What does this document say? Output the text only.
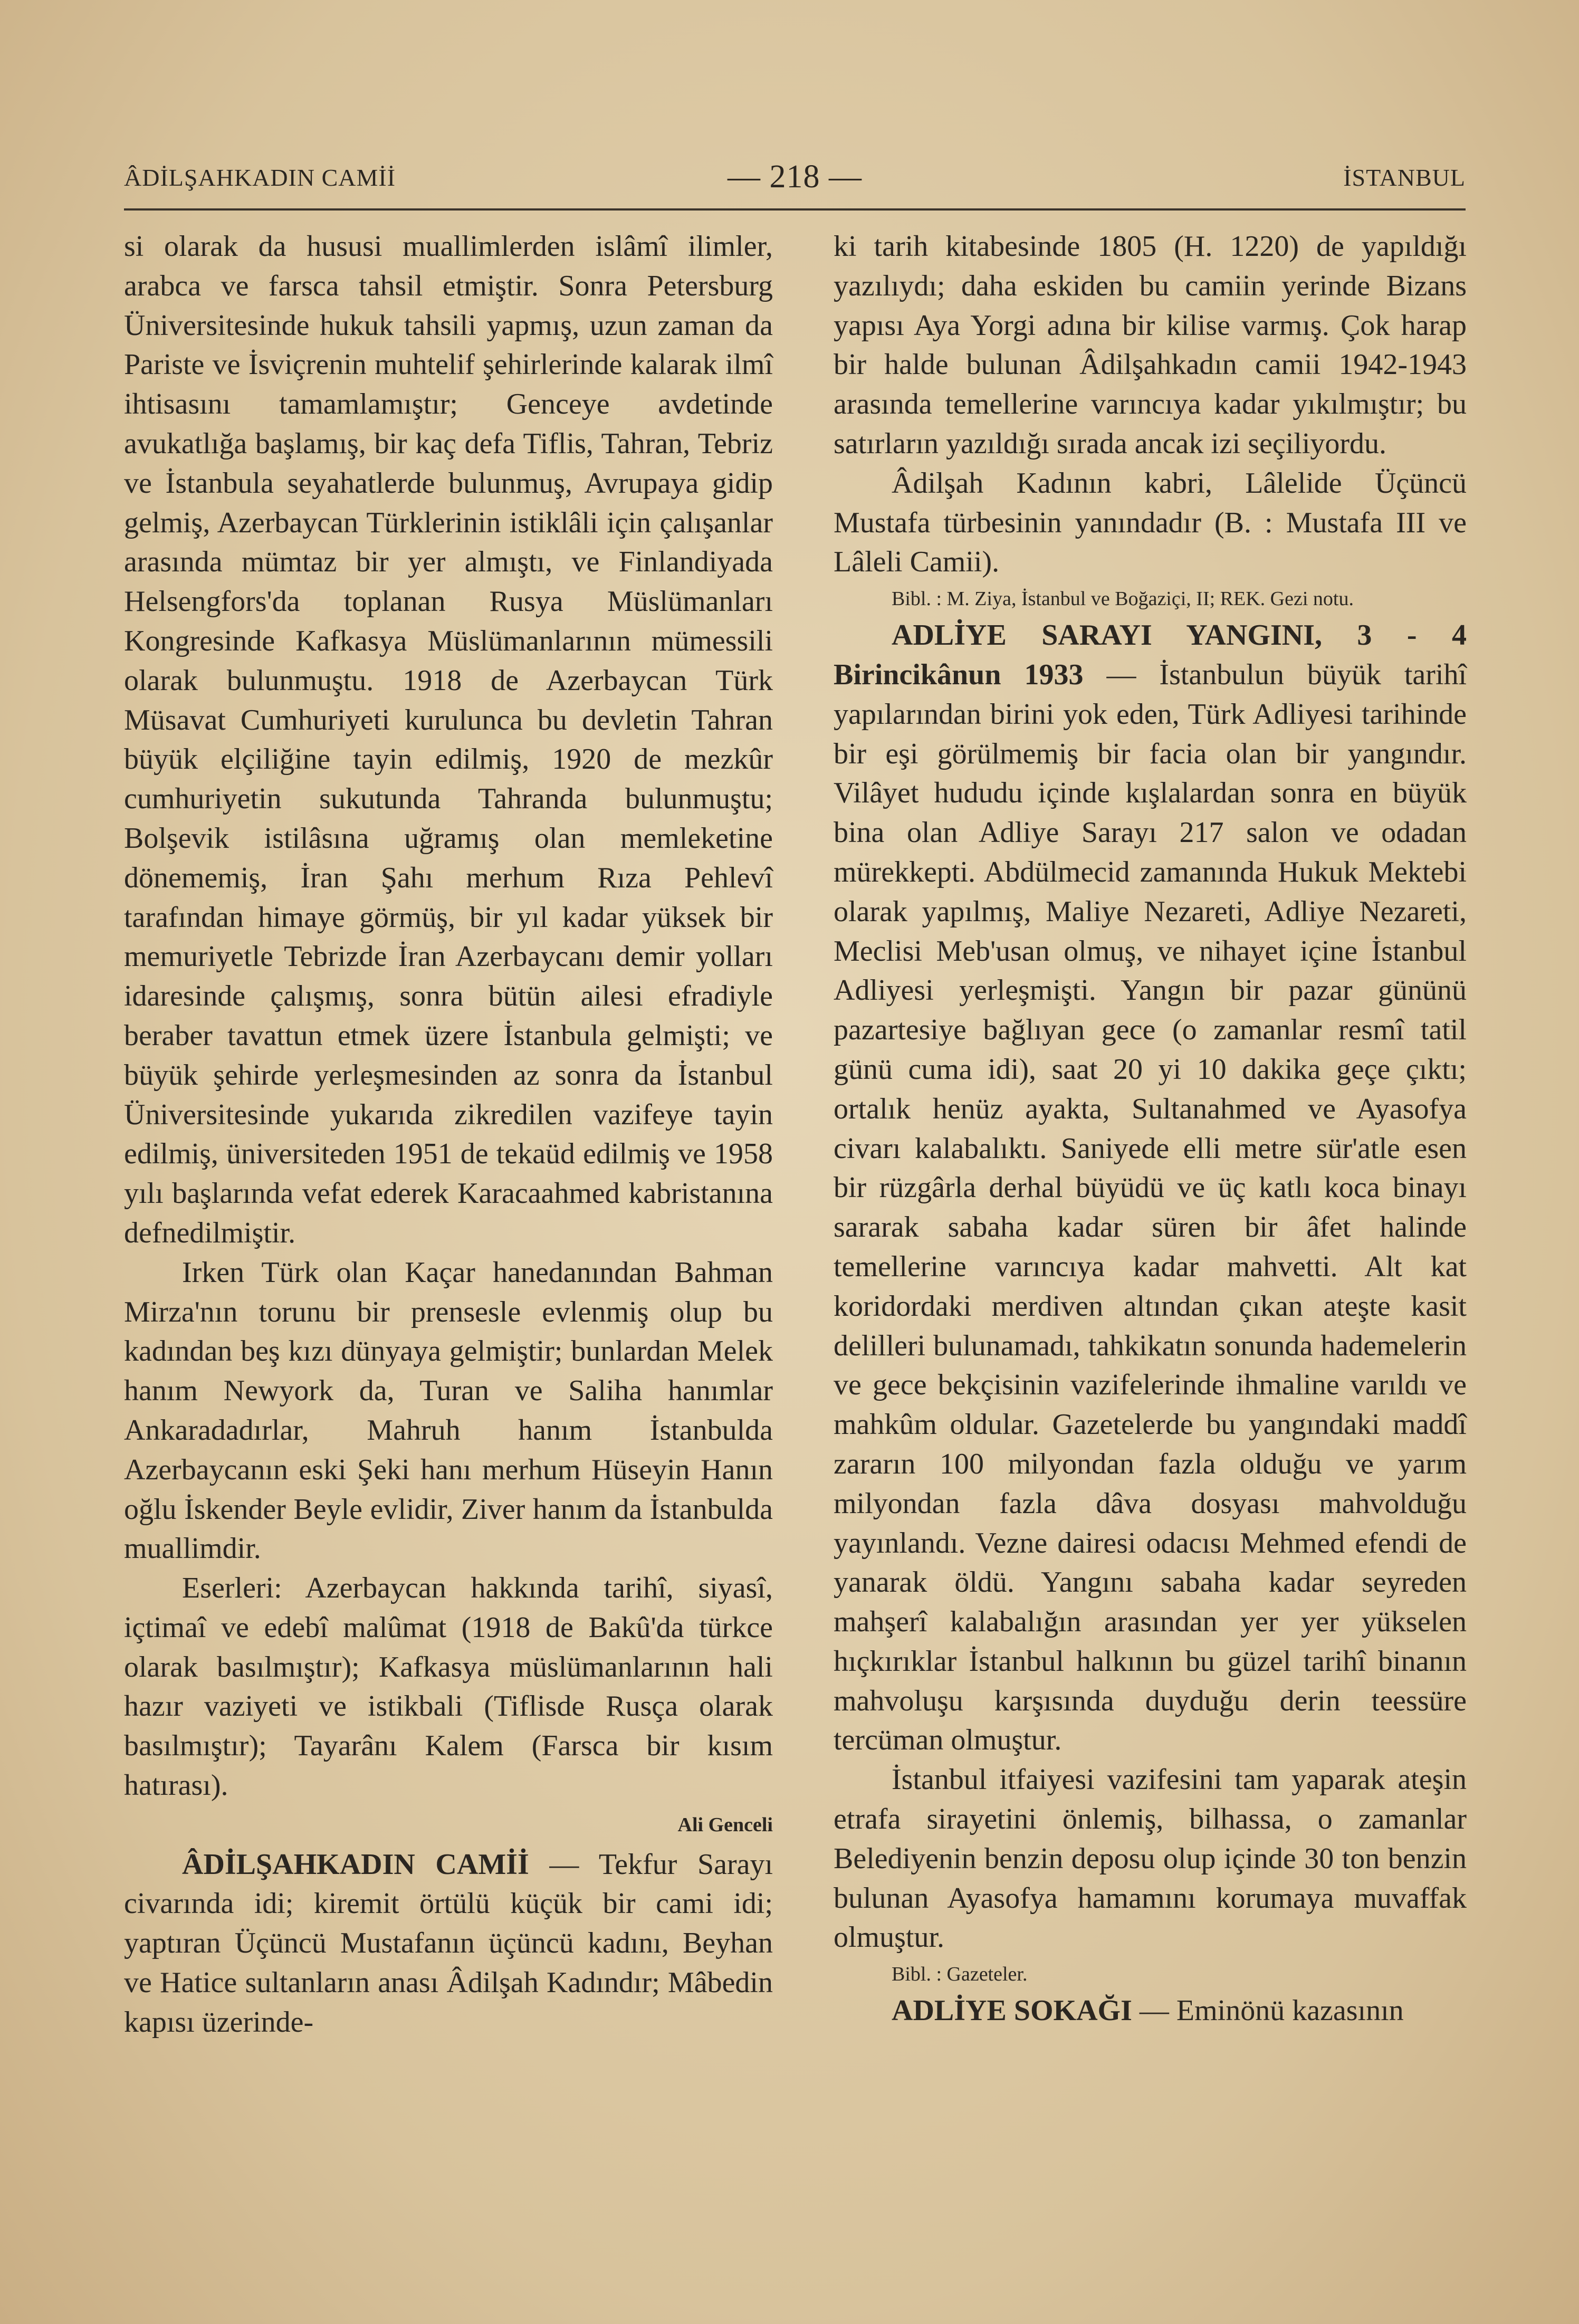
ÂDİLŞAHKADIN CAMİİ	— 218 —	İSTANBUL

si olarak da hususi muallimlerden islâmî ilimler, arabca ve farsca tahsil etmiştir. Sonra Petersburg Üniversitesinde hukuk tahsili yapmış, uzun zaman da Pariste ve İsviçrenin muhtelif şehirlerinde kalarak ilmî ihtisasını tamamlamıştır; Genceye avdetinde avukatlığa başlamış, bir kaç defa Tiflis, Tahran, Tebriz ve İstanbula seyahatlerde bulunmuş, Avrupaya gidip gelmiş, Azerbaycan Türklerinin istiklâli için çalışanlar arasında mümtaz bir yer almıştı, ve Finlandiyada Helsengfors'da toplanan Rusya Müslümanları Kongresinde Kafkasya Müslümanlarının mümessili olarak bulunmuştu. 1918 de Azerbaycan Türk Müsavat Cumhuriyeti kurulunca bu devletin Tahran büyük elçiliğine tayin edilmiş, 1920 de mezkûr cumhuriyetin sukutunda Tahranda bulunmuştu; Bolşevik istilâsına uğramış olan memleketine dönememiş, İran Şahı merhum Rıza Pehlevî tarafından himaye görmüş, bir yıl kadar yüksek bir memuriyetle Tebrizde İran Azerbaycanı demir yolları idaresinde çalışmış, sonra bütün ailesi efradiyle beraber tavattun etmek üzere İstanbula gelmişti; ve büyük şehirde yerleşmesinden az sonra da İstanbul Üniversitesinde yukarıda zikredilen vazifeye tayin edilmiş, üniversiteden 1951 de tekaüd edilmiş ve 1958 yılı başlarında vefat ederek Karacaahmed kabristanına defnedilmiştir.

Irken Türk olan Kaçar hanedanından Bahman Mirza'nın torunu bir prensesle evlenmiş olup bu kadından beş kızı dünyaya gelmiştir; bunlardan Melek hanım Newyork da, Turan ve Saliha hanımlar Ankaradadırlar, Mahruh hanım İstanbulda Azerbaycanın eski Şeki hanı merhum Hüseyin Hanın oğlu İskender Beyle evlidir, Ziver hanım da İstanbulda muallimdir.

Eserleri: Azerbaycan hakkında tarihî, siyasî, içtimaî ve edebî malûmat (1918 de Bakû'da türkce olarak basılmıştır); Kafkasya müslümanlarının hali hazır vaziyeti ve istikbali (Tiflisde Rusça olarak basılmıştır); Tayarânı Kalem (Farsca bir kısım hatırası).

Ali Genceli

ÂDİLŞAHKADIN CAMİİ — Tekfur Sarayı civarında idi; kiremit örtülü küçük bir cami idi; yaptıran Üçüncü Mustafanın üçüncü kadını, Beyhan ve Hatice sultanların anası Âdilşah Kadındır; Mâbedin kapısı üzerinde-

ki tarih kitabesinde 1805 (H. 1220) de yapıldığı yazılıydı; daha eskiden bu camiin yerinde Bizans yapısı Aya Yorgi adına bir kilise varmış. Çok harap bir halde bulunan Âdilşahkadın camii 1942-1943 arasında temellerine varıncıya kadar yıkılmıştır; bu satırların yazıldığı sırada ancak izi seçiliyordu.

Âdilşah Kadının kabri, Lâlelide Üçüncü Mustafa türbesinin yanındadır (B. : Mustafa III ve Lâleli Camii).

Bibl. : M. Ziya, İstanbul ve Boğaziçi, II; REK. Gezi notu.

ADLİYE SARAYI YANGINI, 3 - 4 Birincikânun 1933 — İstanbulun büyük tarihî yapılarından birini yok eden, Türk Adliyesi tarihinde bir eşi görülmemiş bir facia olan bir yangındır. Vilâyet hududu içinde kışlalardan sonra en büyük bina olan Adliye Sarayı 217 salon ve odadan mürekkepti. Abdülmecid zamanında Hukuk Mektebi olarak yapılmış, Maliye Nezareti, Adliye Nezareti, Meclisi Meb'usan olmuş, ve nihayet içine İstanbul Adliyesi yerleşmişti. Yangın bir pazar gününü pazartesiye bağlıyan gece (o zamanlar resmî tatil günü cuma idi), saat 20 yi 10 dakika geçe çıktı; ortalık henüz ayakta, Sultanahmed ve Ayasofya civarı kalabalıktı. Saniyede elli metre sür'atle esen bir rüzgârla derhal büyüdü ve üç katlı koca binayı sararak sabaha kadar süren bir âfet halinde temellerine varıncıya kadar mahvetti. Alt kat koridordaki merdiven altından çıkan ateşte kasit delilleri bulunamadı, tahkikatın sonunda hademelerin ve gece bekçisinin vazifelerinde ihmaline varıldı ve mahkûm oldular. Gazetelerde bu yangındaki maddî zararın 100 milyondan fazla olduğu ve yarım milyondan fazla dâva dosyası mahvolduğu yayınlandı. Vezne dairesi odacısı Mehmed efendi de yanarak öldü. Yangını sabaha kadar seyreden mahşerî kalabalığın arasından yer yer yükselen hıçkırıklar İstanbul halkının bu güzel tarihî binanın mahvoluşu karşısında duyduğu derin teessüre tercüman olmuştur.

İstanbul itfaiyesi vazifesini tam yaparak ateşin etrafa sirayetini önlemiş, bilhassa, o zamanlar Belediyenin benzin deposu olup içinde 30 ton benzin bulunan Ayasofya hamamını korumaya muvaffak olmuştur.

Bibl. : Gazeteler.

ADLİYE SOKAĞI — Eminönü kazasının
